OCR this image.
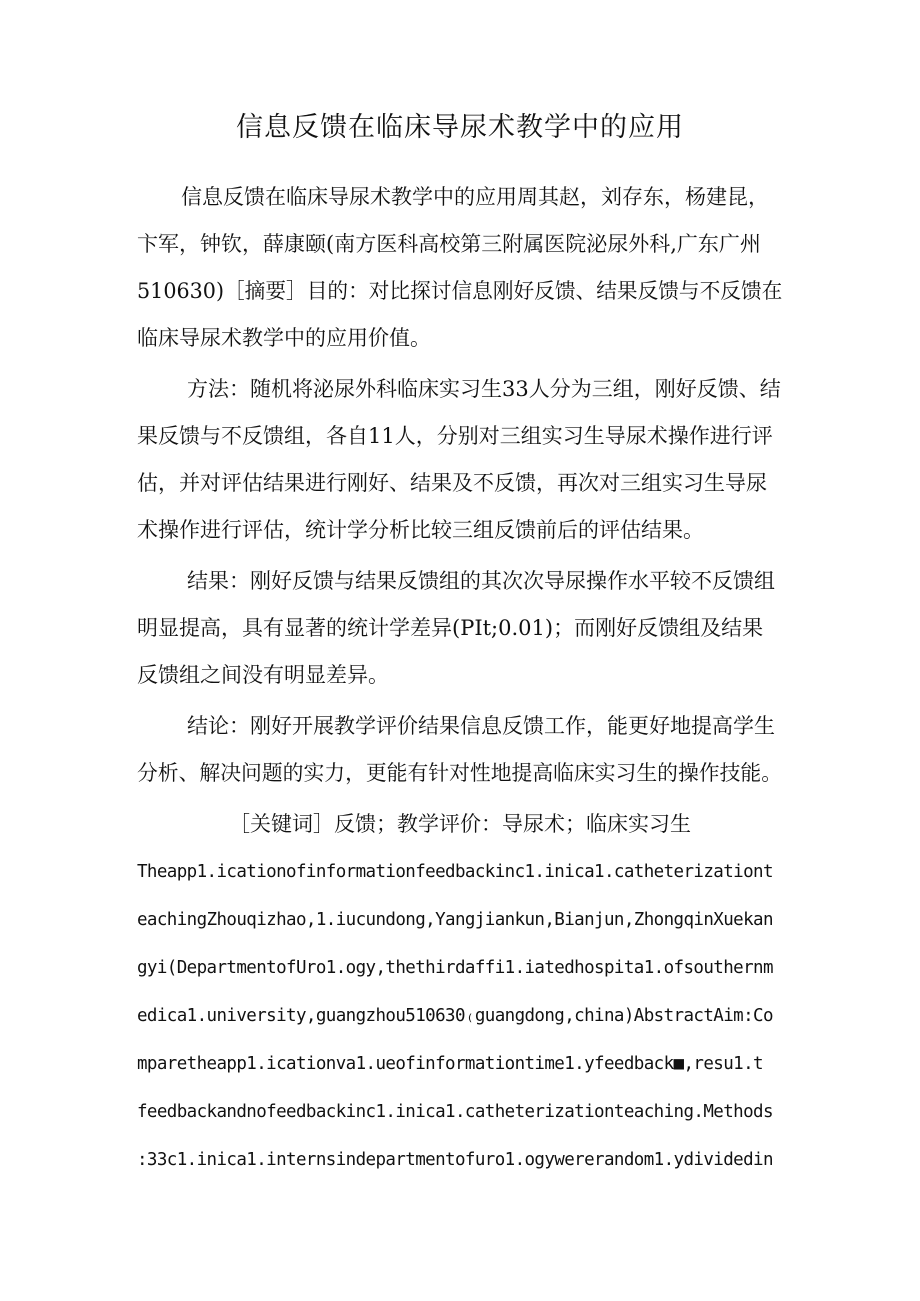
信息反馈在临床导尿术教学中的应用
信息反馈在临床导尿术教学中的应用周其赵，刘存东，杨建昆，
卞军，钟钦，薛康颐(南方医科高校第三附属医院泌尿外科,广东广州
510630)［摘要］目的：对比探讨信息刚好反馈、结果反馈与不反馈在
临床导尿术教学中的应用价值。
方法：随机将泌尿外科临床实习生33人分为三组，刚好反馈、结
果反馈与不反馈组，各自11人，分别对三组实习生导尿术操作进行评
估，并对评估结果进行刚好、结果及不反馈，再次对三组实习生导尿
术操作进行评估，统计学分析比较三组反馈前后的评估结果。
结果：刚好反馈与结果反馈组的其次次导尿操作水平较不反馈组
明显提高，具有显著的统计学差异(PIt;0.01)；而刚好反馈组及结果
反馈组之间没有明显差异。
结论：刚好开展教学评价结果信息反馈工作，能更好地提高学生
分析、解决问题的实力，更能有针对性地提高临床实习生的操作技能。
［关键词］反馈；教学评价：导尿术；临床实习生
Theapp1.icationofinformationfeedbackinc1.inica1.catheterizationt
eachingZhouqizhao,1.iucundong,Yangjiankun,Bianjun,ZhongqinXuekan
gyi(DepartmentofUro1.ogy,thethirdaffi1.iatedhospita1.ofsouthernm
edica1.university,guangzhou510630₍guangdong,china)AbstractAim:Co
mparetheapp1.icationva1.ueofinformationtime1.yfeedback■,resu1.t
feedbackandnofeedbackinc1.inica1.catheterizationteaching.Methods
:33c1.inica1.internsindepartmentofuro1.ogywererandom1.ydividedin
